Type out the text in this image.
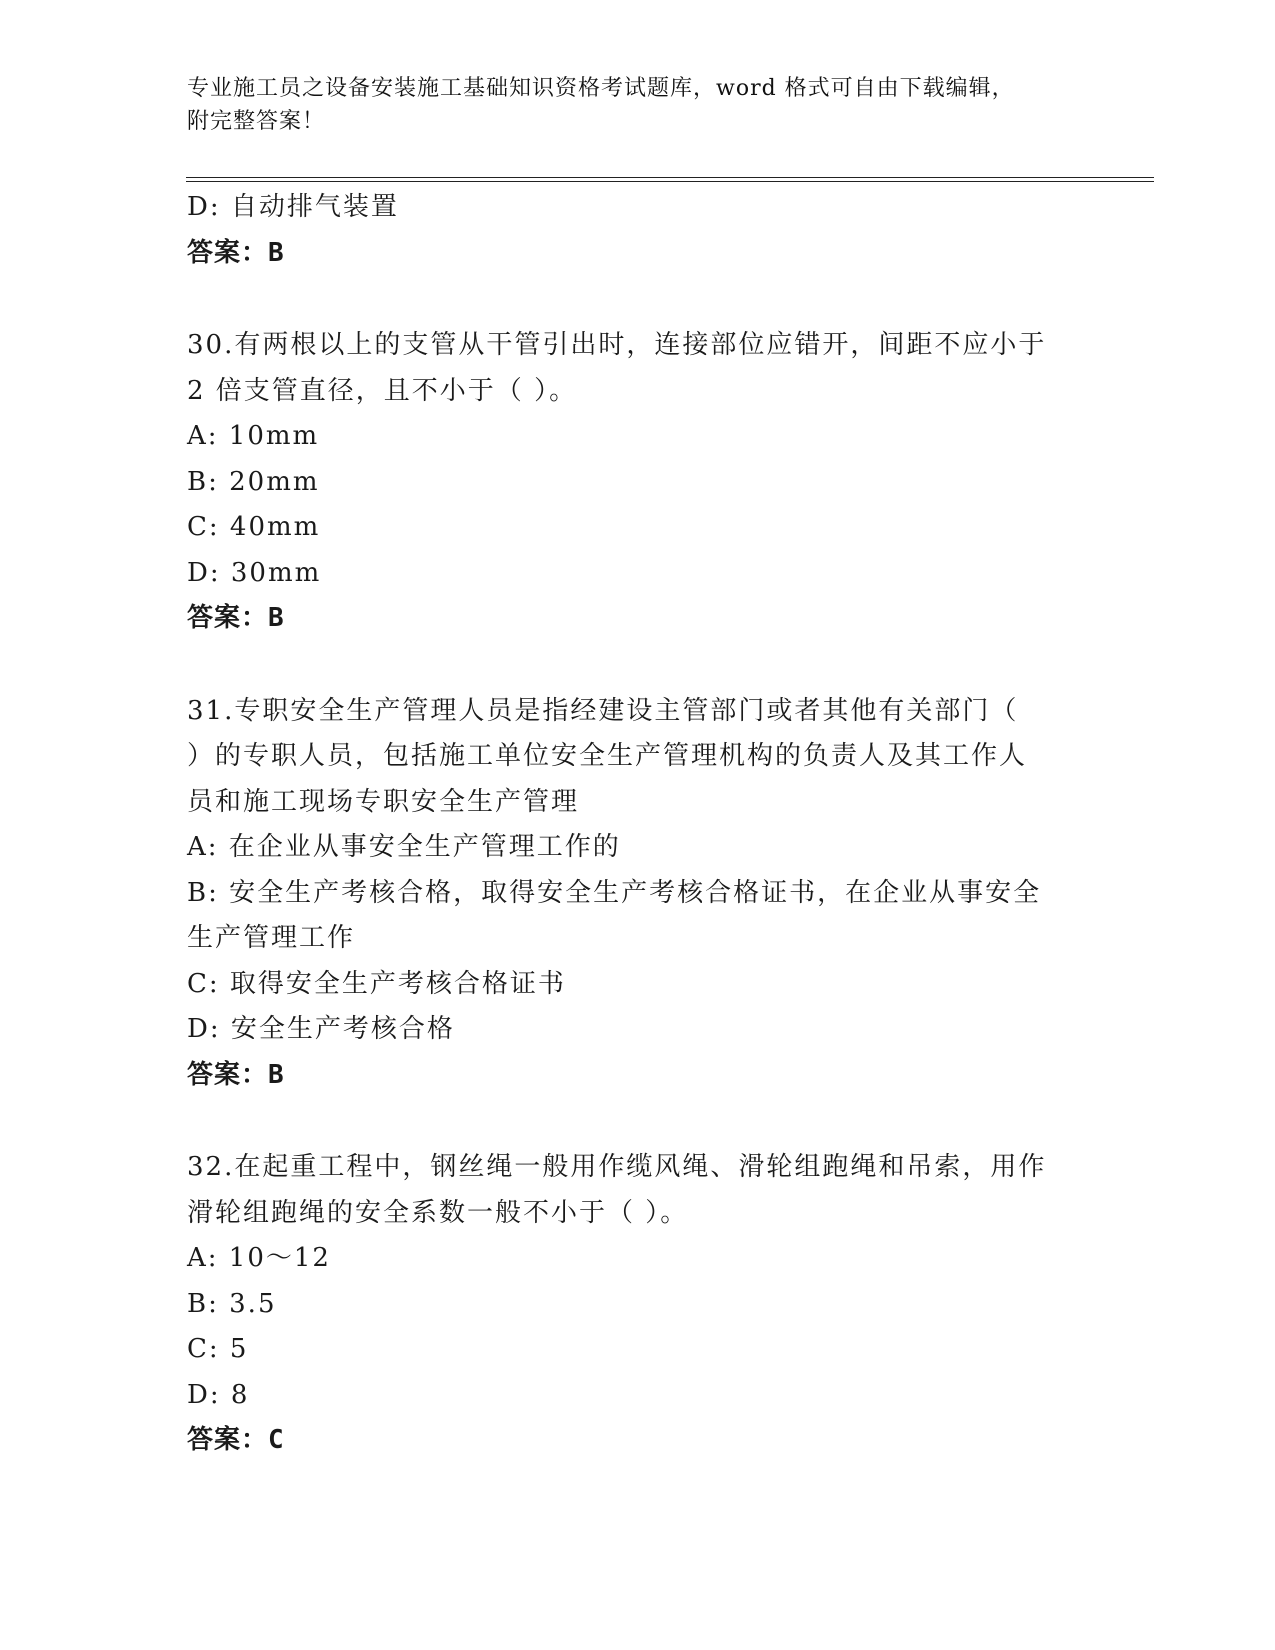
专业施工员之设备安装施工基础知识资格考试题库，word 格式可自由下载编辑，
附完整答案！
D: 自动排气装置
答案：B
30.有两根以上的支管从干管引出时，连接部位应错开，间距不应小于
2 倍支管直径，且不小于（ ）。
A: 10mm
B: 20mm
C: 40mm
D: 30mm
答案：B
31.专职安全生产管理人员是指经建设主管部门或者其他有关部门（
）的专职人员，包括施工单位安全生产管理机构的负责人及其工作人
员和施工现场专职安全生产管理
A: 在企业从事安全生产管理工作的
B: 安全生产考核合格，取得安全生产考核合格证书，在企业从事安全
生产管理工作
C: 取得安全生产考核合格证书
D: 安全生产考核合格
答案：B
32.在起重工程中，钢丝绳一般用作缆风绳、滑轮组跑绳和吊索，用作
滑轮组跑绳的安全系数一般不小于（ ）。
A: 10～12
B: 3.5
C: 5
D: 8
答案：C
